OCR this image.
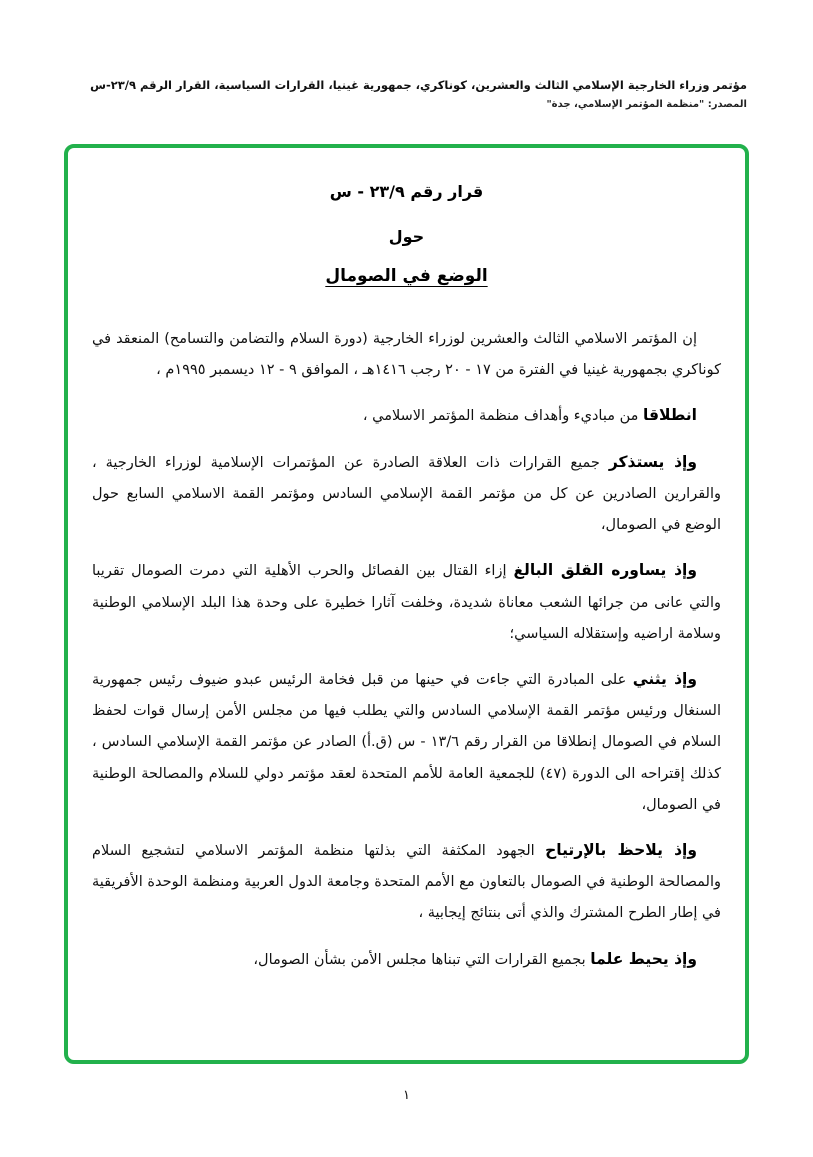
مؤتمر وزراء الخارجية الإسلامي الثالث والعشرين، كوناكري، جمهورية غينيا، القرارات السياسية، القرار الرقم ٢٣/٩-س
المصدر: "منظمة المؤتمر الإسلامي، جدة"
قرار رقم ٢٣/٩ - س
حول
الوضع في الصومال

إن المؤتمر الاسلامي الثالث والعشرين لوزراء الخارجية (دورة السلام والتضامن والتسامح) المنعقد في كوناكري بجمهورية غينيا في الفترة من ١٧ - ٢٠ رجب ١٤١٦هـ ، الموافق ٩ - ١٢ ديسمبر ١٩٩٥م ،

انطلاقا من مباديء وأهداف منظمة المؤتمر الاسلامي ،

وإذ يستذكر جميع القرارات ذات العلاقة الصادرة عن المؤتمرات الإسلامية لوزراء الخارجية ، والقرارين الصادرين عن كل من مؤتمر القمة الإسلامي السادس ومؤتمر القمة الاسلامي السابع حول الوضع في الصومال،

وإذ يساوره القلق البالغ إزاء القتال بين الفصائل والحرب الأهلية التي دمرت الصومال تقريبا والتي عانى من جرائها الشعب معاناة شديدة، وخلفت آثارا خطيرة على وحدة هذا البلد الإسلامي الوطنية وسلامة اراضيه وإستقلاله السياسي؛

وإذ يثني على المبادرة التي جاءت في حينها من قبل فخامة الرئيس عبدو ضيوف رئيس جمهورية السنغال ورئيس مؤتمر القمة الإسلامي السادس والتي يطلب فيها من مجلس الأمن إرسال قوات لحفظ السلام في الصومال إنطلاقا من القرار رقم ١٣/٦ - س (ق.أ) الصادر عن مؤتمر القمة الإسلامي السادس ، كذلك إقتراحه الى الدورة (٤٧) للجمعية العامة للأمم المتحدة لعقد مؤتمر دولي للسلام والمصالحة الوطنية في الصومال،

وإذ يلاحظ بالإرتياح الجهود المكثفة التي بذلتها منظمة المؤتمر الاسلامي لتشجيع السلام والمصالحة الوطنية في الصومال بالتعاون مع الأمم المتحدة وجامعة الدول العربية ومنظمة الوحدة الأفريقية في إطار الطرح المشترك والذي أتى بنتائج إيجابية ،

وإذ يحيط علما بجميع القرارات التي تبناها مجلس الأمن بشأن الصومال،

١
